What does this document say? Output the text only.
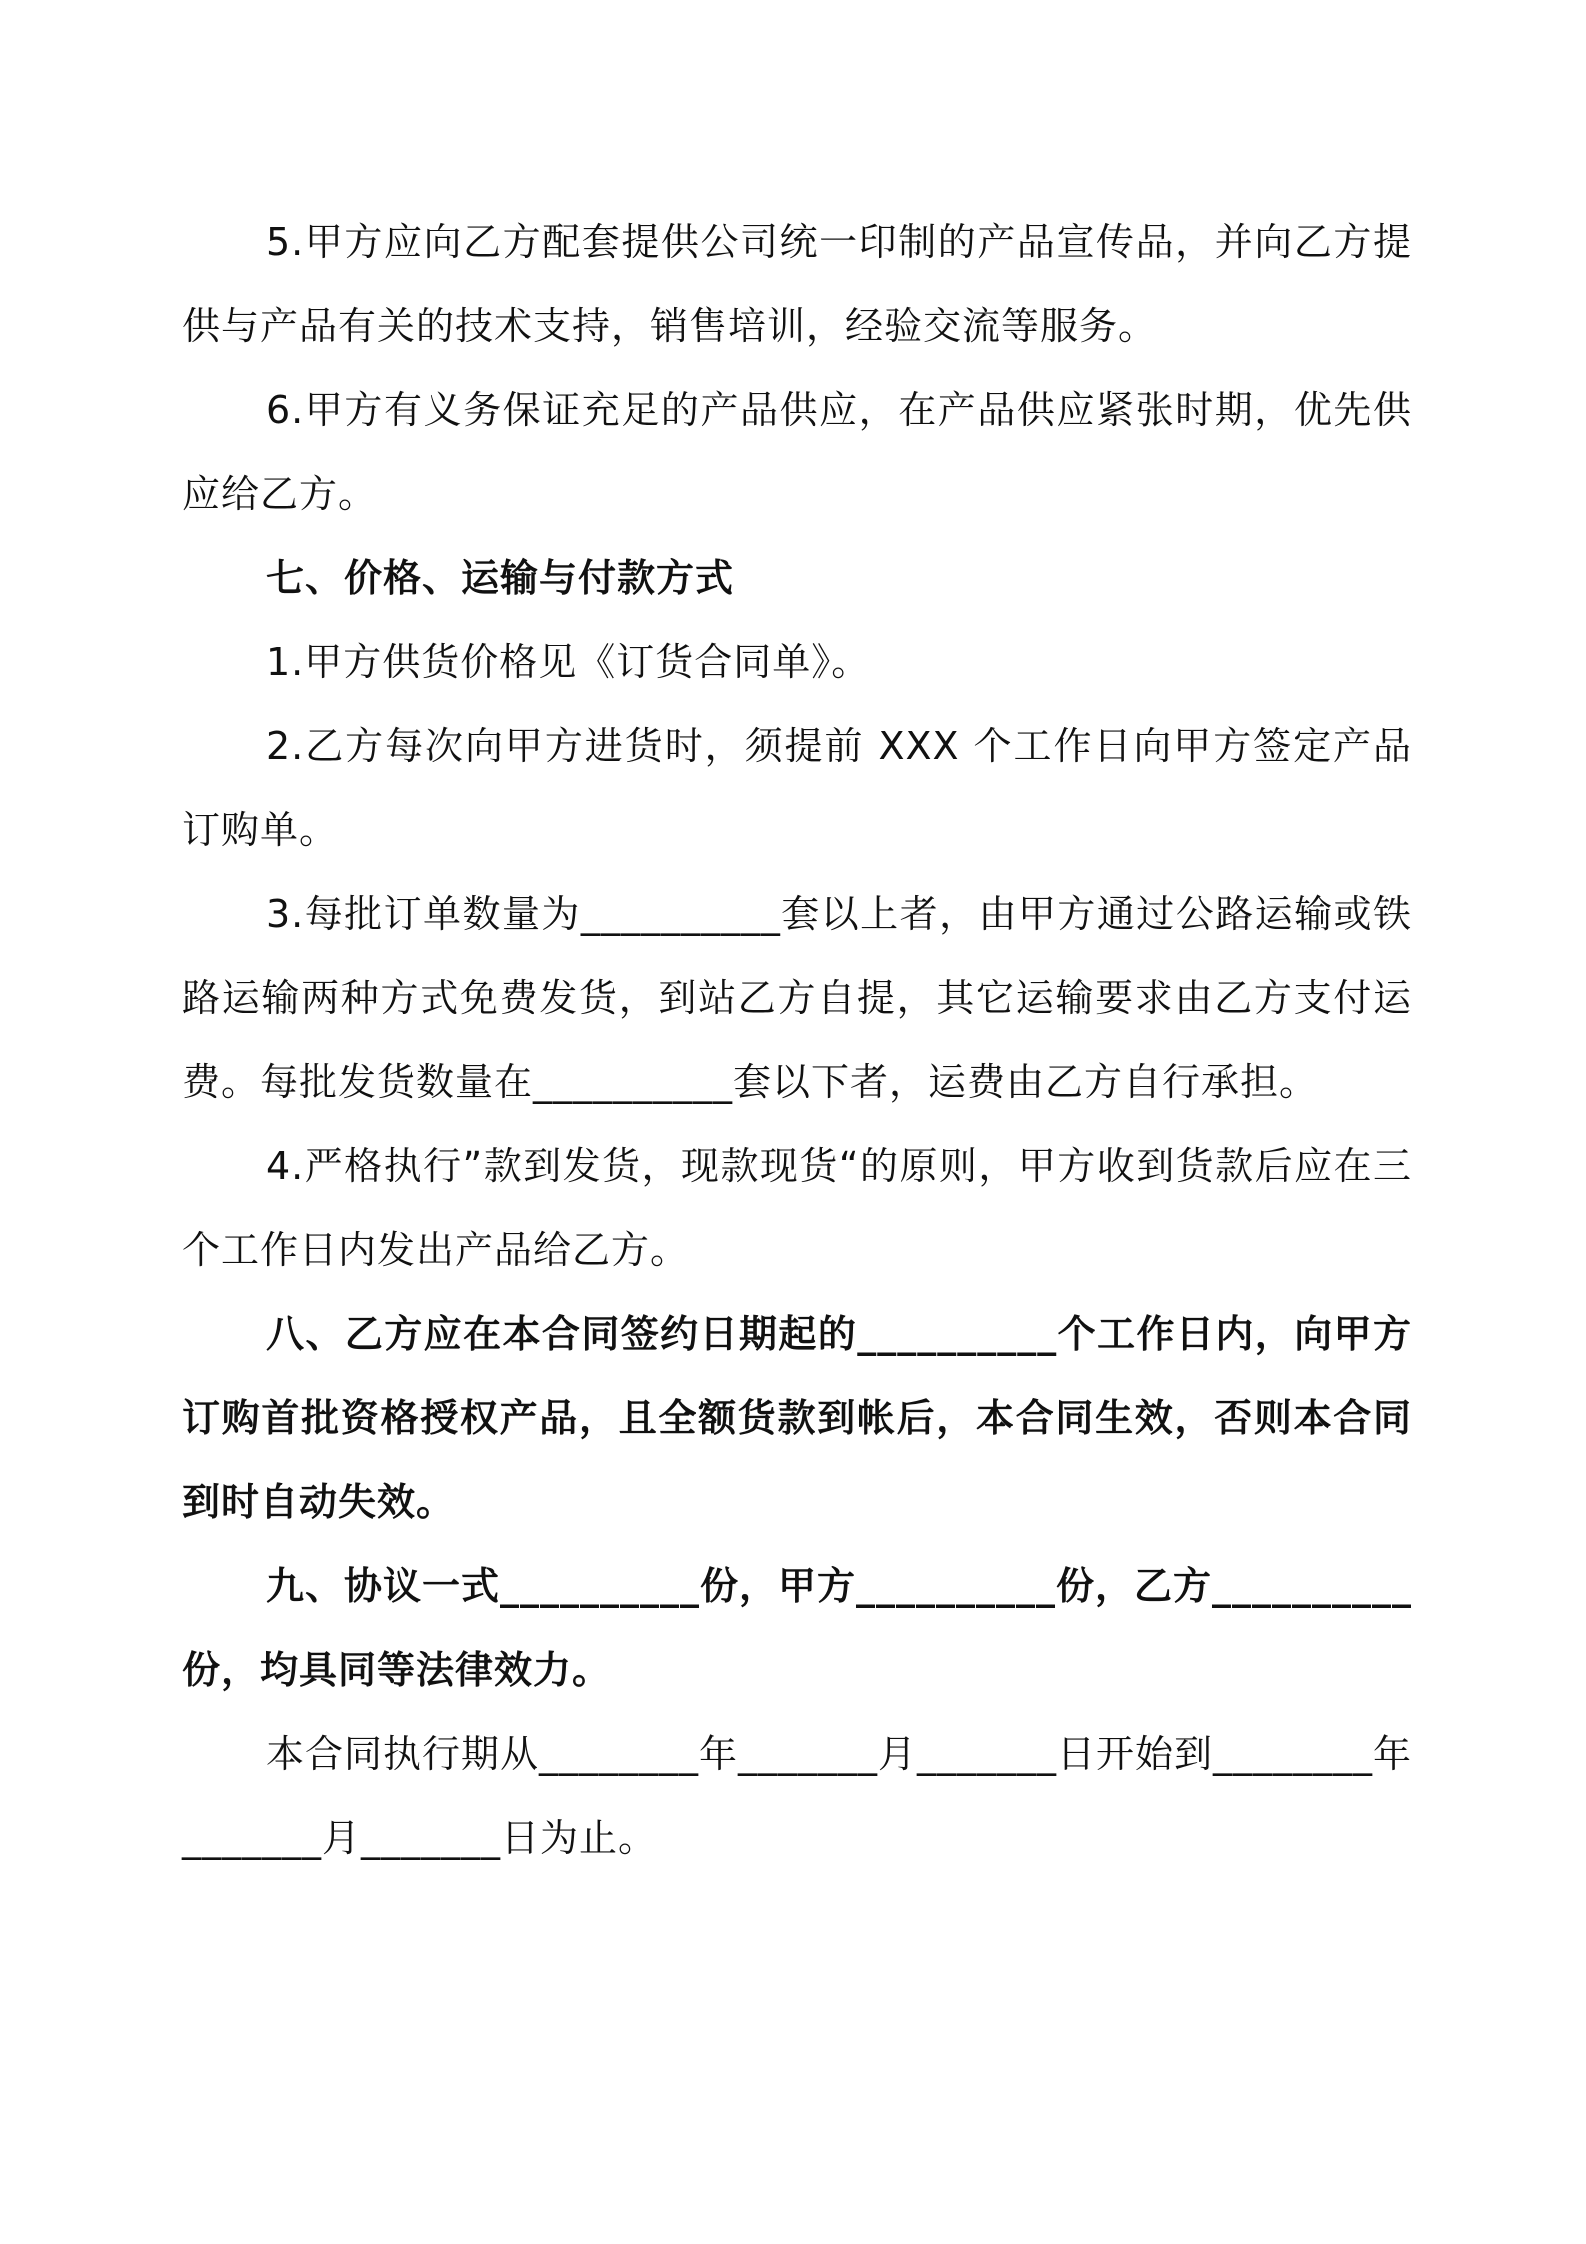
5.甲方应向乙方配套提供公司统一印制的产品宣传品，并向乙方提供与产品有关的技术支持，销售培训，经验交流等服务。

6.甲方有义务保证充足的产品供应，在产品供应紧张时期，优先供应给乙方。

七、价格、运输与付款方式

1.甲方供货价格见《订货合同单》。

2.乙方每次向甲方进货时，须提前 XXX 个工作日向甲方签定产品订购单。

3.每批订单数量为__________套以上者，由甲方通过公路运输或铁路运输两种方式免费发货，到站乙方自提，其它运输要求由乙方支付运费。每批发货数量在__________套以下者，运费由乙方自行承担。

4.严格执行”款到发货，现款现货“的原则，甲方收到货款后应在三个工作日内发出产品给乙方。

八、乙方应在本合同签约日期起的__________个工作日内，向甲方订购首批资格授权产品，且全额货款到帐后，本合同生效，否则本合同到时自动失效。

九、协议一式__________份，甲方__________份，乙方__________份，均具同等法律效力。

本合同执行期从________年_______月_______日开始到________年_______月_______日为止。
